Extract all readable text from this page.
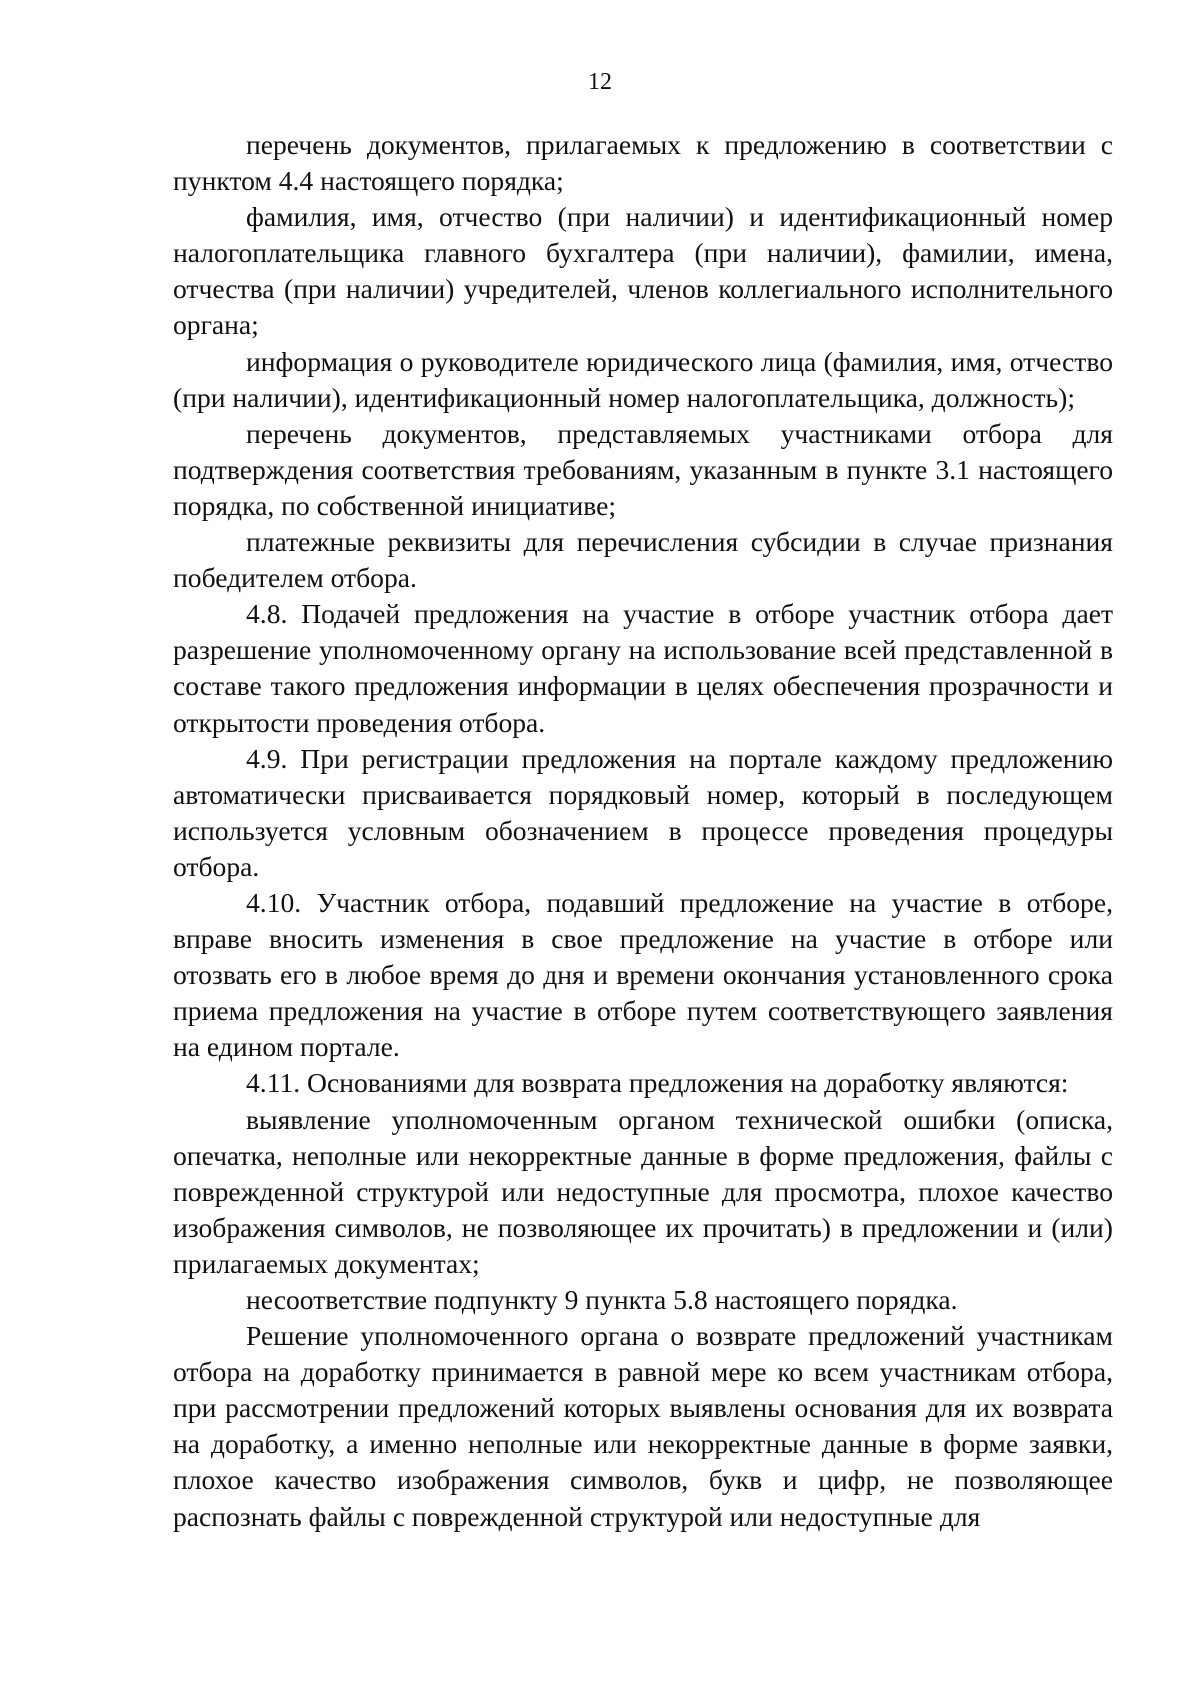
12

перечень документов, прилагаемых к предложению в соответствии с пунктом 4.4 настоящего порядка;

фамилия, имя, отчество (при наличии) и идентификационный номер налогоплательщика главного бухгалтера (при наличии), фамилии, имена, отчества (при наличии) учредителей, членов коллегиального исполнительного органа;

информация о руководителе юридического лица (фамилия, имя, отчество (при наличии), идентификационный номер налогоплательщика, должность);

перечень документов, представляемых участниками отбора для подтверждения соответствия требованиям, указанным в пункте 3.1 настоящего порядка, по собственной инициативе;

платежные реквизиты для перечисления субсидии в случае признания победителем отбора.

4.8. Подачей предложения на участие в отборе участник отбора дает разрешение уполномоченному органу на использование всей представленной в составе такого предложения информации в целях обеспечения прозрачности и открытости проведения отбора.

4.9. При регистрации предложения на портале каждому предложению автоматически присваивается порядковый номер, который в последующем используется условным обозначением в процессе проведения процедуры отбора.

4.10. Участник отбора, подавший предложение на участие в отборе, вправе вносить изменения в свое предложение на участие в отборе или отозвать его в любое время до дня и времени окончания установленного срока приема предложения на участие в отборе путем соответствующего заявления на едином портале.

4.11. Основаниями для возврата предложения на доработку являются:

выявление уполномоченным органом технической ошибки (описка, опечатка, неполные или некорректные данные в форме предложения, файлы с поврежденной структурой или недоступные для просмотра, плохое качество изображения символов, не позволяющее их прочитать) в предложении и (или) прилагаемых документах;

несоответствие подпункту 9 пункта 5.8 настоящего порядка.

Решение уполномоченного органа о возврате предложений участникам отбора на доработку принимается в равной мере ко всем участникам отбора, при рассмотрении предложений которых выявлены основания для их возврата на доработку, а именно неполные или некорректные данные в форме заявки, плохое качество изображения символов, букв и цифр, не позволяющее распознать файлы с поврежденной структурой или недоступные для
